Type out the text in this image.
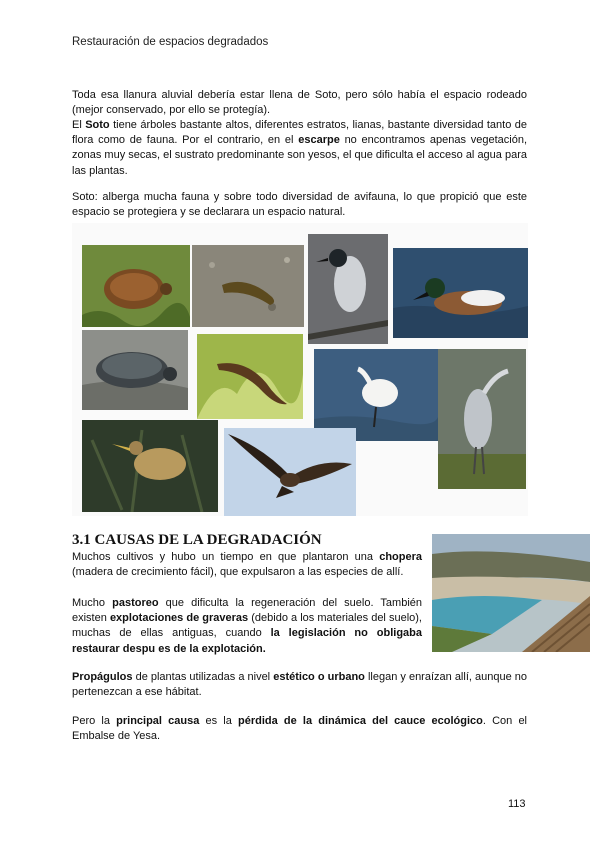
Restauración de espacios degradados

Toda esa llanura aluvial debería estar llena de Soto, pero sólo había el espacio rodeado (mejor conservado, por ello se protegía).

El Soto tiene árboles bastante altos, diferentes estratos, lianas, bastante diversidad tanto de flora como de fauna. Por el contrario, en el escarpe no encontramos apenas vegetación, zonas muy secas, el sustrato predominante son yesos, el que dificulta el acceso al agua para las plantas.

Soto: alberga mucha fauna y sobre todo diversidad de avifauna, lo que propició que este espacio se protegiera y se declarara un espacio natural.

3.1 CAUSAS DE LA DEGRADACIÓN

Muchos cultivos y hubo un tiempo en que plantaron una chopera (madera de crecimiento fácil), que expulsaron a las especies de allí.

Mucho pastoreo que dificulta la regeneración del suelo. También existen explotaciones de graveras (debido a los materiales del suelo), muchas de ellas antiguas, cuando la legislación no obligaba restaurar despu es de la explotación.

Propágulos de plantas utilizadas a nivel estético o urbano llegan y enraízan allí, aunque no pertenezcan a ese hábitat.

Pero la principal causa es la pérdida de la dinámica del cauce ecológico. Con el Embalse de Yesa.

113
